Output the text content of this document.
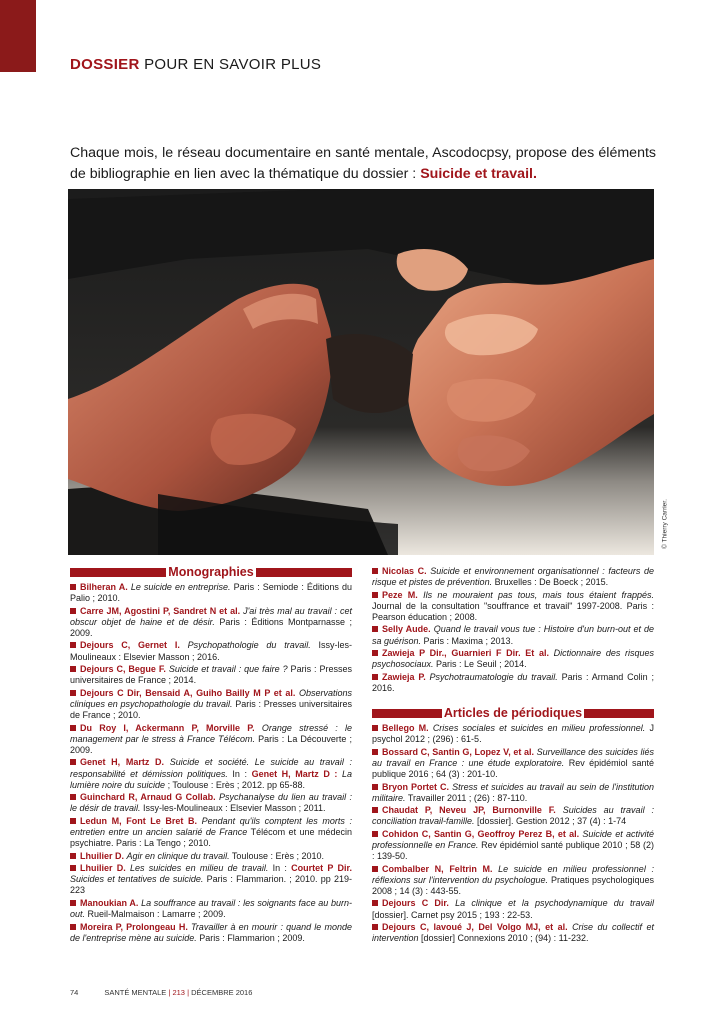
DOSSIER POUR EN SAVOIR PLUS
Chaque mois, le réseau documentaire en santé mentale, Ascodocpsy, propose des éléments de bibliographie en lien avec la thématique du dossier : Suicide et travail.
© Thierry Carrier.
Monographies
Bilheran A. Le suicide en entreprise. Paris : Semiode : Éditions du Palio ; 2010.
Carre JM, Agostini P, Sandret N et al. J'ai très mal au travail : cet obscur objet de haine et de désir. Paris : Éditions Montparnasse ; 2009.
Dejours C, Gernet I. Psychopathologie du travail. Issy-les-Moulineaux : Elsevier Masson ; 2016.
Dejours C, Begue F. Suicide et travail : que faire ? Paris : Presses universitaires de France ; 2014.
Dejours C Dir, Bensaid A, Guiho Bailly M P et al. Observations cliniques en psychopathologie du travail. Paris : Presses universitaires de France ; 2010.
Du Roy I, Ackermann P, Morville P. Orange stressé : le management par le stress à France Télécom. Paris : La Découverte ; 2009.
Genet H, Martz D. Suicide et société. Le suicide au travail : responsabilité et démission politiques. In : Genet H, Martz D : La lumière noire du suicide ; Toulouse : Erès ; 2012. pp 65-88.
Guinchard R, Arnaud G Collab. Psychanalyse du lien au travail : le désir de travail. Issy-les-Moulineaux : Elsevier Masson ; 2011.
Ledun M, Font Le Bret B. Pendant qu'ils comptent les morts : entretien entre un ancien salarié de France Télécom et une médecin psychiatre. Paris : La Tengo ; 2010.
Lhuilier D. Agir en clinique du travail. Toulouse : Erès ; 2010.
Lhuilier D. Les suicides en milieu de travail. In : Courtet P Dir. Suicides et tentatives de suicide. Paris : Flammarion. ; 2010. pp 219-223
Manoukian A. La souffrance au travail : les soignants face au burn-out. Rueil-Malmaison : Lamarre ; 2009.
Moreira P, Prolongeau H. Travailler à en mourir : quand le monde de l'entreprise mène au suicide. Paris : Flammarion ; 2009.
Nicolas C. Suicide et environnement organisationnel : facteurs de risque et pistes de prévention. Bruxelles : De Boeck ; 2015.
Peze M. Ils ne mouraient pas tous, mais tous étaient frappés. Journal de la consultation "souffrance et travail" 1997-2008. Paris : Pearson éducation ; 2008.
Selly Aude. Quand le travail vous tue : Histoire d'un burn-out et de sa guérison. Paris : Maxima ; 2013.
Zawieja P Dir., Guarnieri F Dir. Et al. Dictionnaire des risques psychosociaux. Paris : Le Seuil ; 2014.
Zawieja P. Psychotraumatologie du travail. Paris : Armand Colin ; 2016.
Articles de périodiques
Bellego M. Crises sociales et suicides en milieu professionnel. J psychol 2012 ; (296) : 61-5.
Bossard C, Santin G, Lopez V, et al. Surveillance des suicides liés au travail en France : une étude exploratoire. Rev épidémiol santé publique 2016 ; 64 (3) : 201-10.
Bryon Portet C. Stress et suicides au travail au sein de l'institution militaire. Travailler 2011 ; (26) : 87-110.
Chaudat P, Neveu JP, Burnonville F. Suicides au travail : conciliation travail-famille. [dossier]. Gestion 2012 ; 37 (4) : 1-74
Cohidon C, Santin G, Geoffroy Perez B, et al. Suicide et activité professionnelle en France. Rev épidémiol santé publique 2010 ; 58 (2) : 139-50.
Combalber N, Feltrin M. Le suicide en milieu professionnel : réflexions sur l'intervention du psychologue. Pratiques psychologiques 2008 ; 14 (3) : 443-55.
Dejours C Dir. La clinique et la psychodynamique du travail [dossier]. Carnet psy 2015 ; 193 : 22-53.
Dejours C, lavoué J, Del Volgo MJ, et al. Crise du collectif et intervention [dossier] Connexions 2010 ; (94) : 11-232.
74	SANTÉ MENTALE | 213 | DÉCEMBRE 2016
